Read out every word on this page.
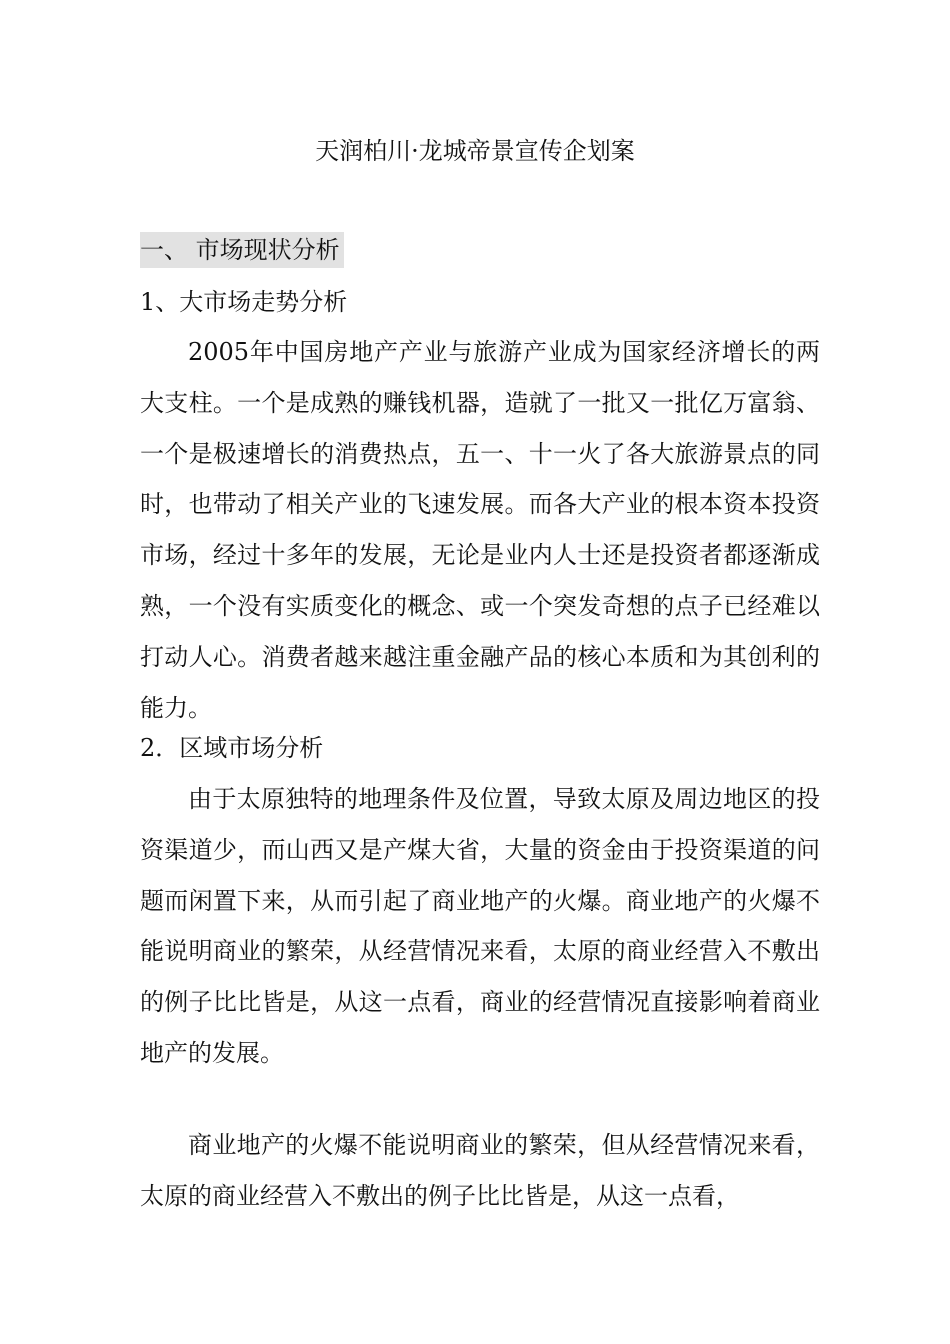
天润柏川·龙城帝景宣传企划案
一、 市场现状分析
1、大市场走势分析

2005年中国房地产产业与旅游产业成为国家经济增长的两大支柱。一个是成熟的赚钱机器，造就了一批又一批亿万富翁、一个是极速增长的消费热点，五一、十一火了各大旅游景点的同时，也带动了相关产业的飞速发展。而各大产业的根本资本投资市场，经过十多年的发展，无论是业内人士还是投资者都逐渐成熟，一个没有实质变化的概念、或一个突发奇想的点子已经难以打动人心。消费者越来越注重金融产品的核心本质和为其创利的能力。

2．区域市场分析

由于太原独特的地理条件及位置，导致太原及周边地区的投资渠道少，而山西又是产煤大省，大量的资金由于投资渠道的问题而闲置下来，从而引起了商业地产的火爆。商业地产的火爆不能说明商业的繁荣，从经营情况来看，太原的商业经营入不敷出的例子比比皆是，从这一点看，商业的经营情况直接影响着商业地产的发展。

商业地产的火爆不能说明商业的繁荣，但从经营情况来看，太原的商业经营入不敷出的例子比比皆是，从这一点看，
